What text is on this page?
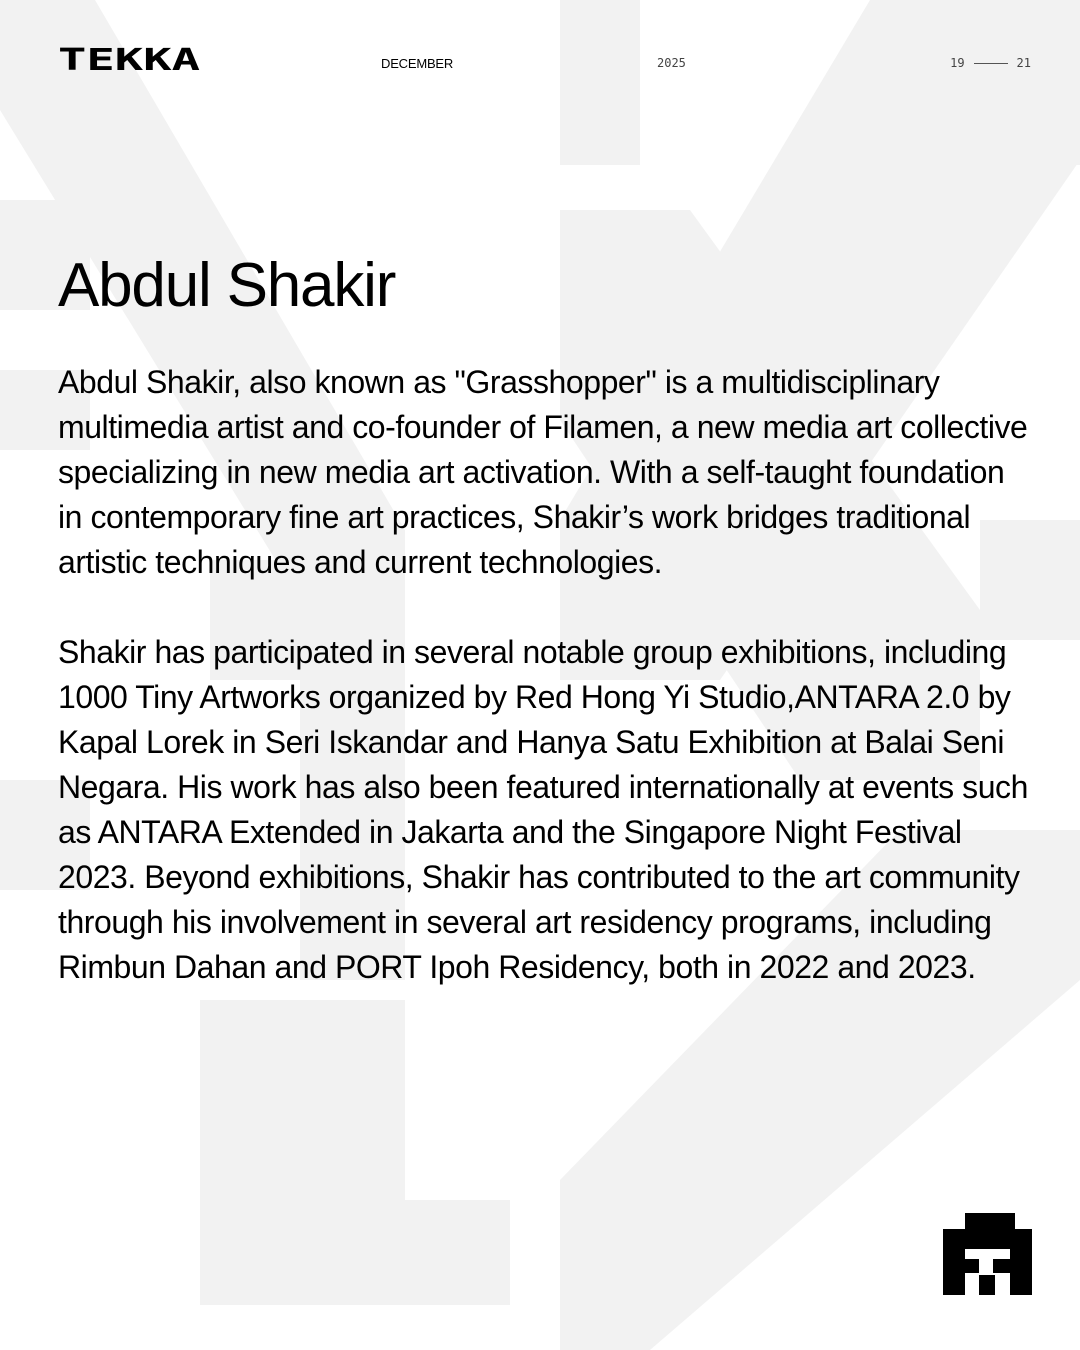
TEKKA	DECEMBER	2025	19	21
Abdul Shakir

Abdul Shakir, also known as "Grasshopper" is a multidisciplinary multimedia artist and co-founder of Filamen, a new media art collective specializing in new media art activation. With a self-taught foundation in contemporary fine art practices, Shakir’s work bridges traditional artistic techniques and current technologies.

Shakir has participated in several notable group exhibitions, including 1000 Tiny Artworks organized by Red Hong Yi Studio,ANTARA 2.0 by Kapal Lorek in Seri Iskandar and Hanya Satu Exhibition at Balai Seni Negara. His work has also been featured internationally at events such as ANTARA Extended in Jakarta and the Singapore Night Festival 2023. Beyond exhibitions, Shakir has contributed to the art community through his involvement in several art residency programs, including Rimbun Dahan and PORT Ipoh Residency, both in 2022 and 2023.
